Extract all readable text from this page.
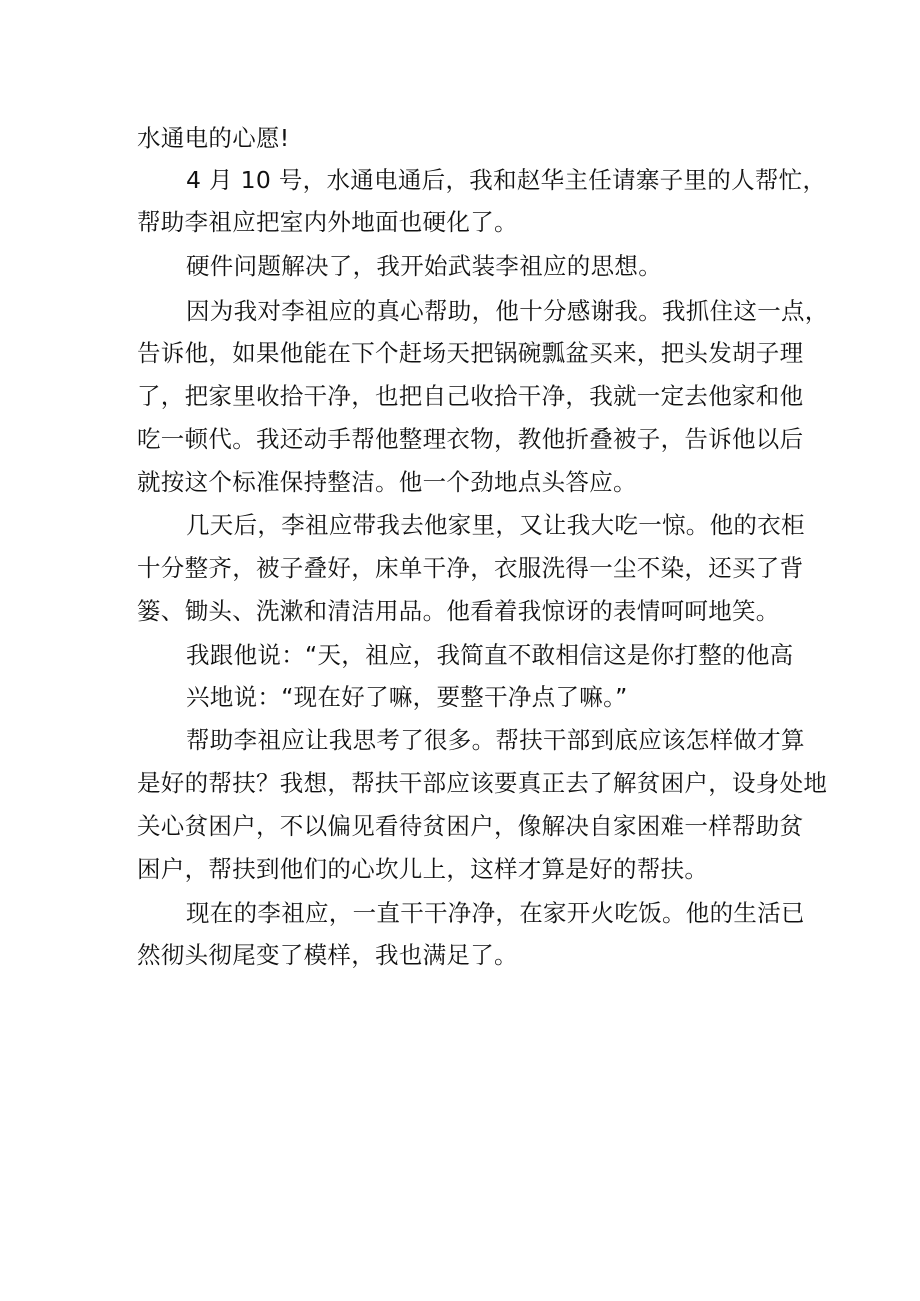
水通电的心愿!
4 月 10 号，水通电通后，我和赵华主任请寨子里的人帮忙，
帮助李祖应把室内外地面也硬化了。
硬件问题解决了，我开始武装李祖应的思想。
因为我对李祖应的真心帮助，他十分感谢我。我抓住这一点，
告诉他，如果他能在下个赶场天把锅碗瓢盆买来，把头发胡子理
了，把家里收拾干净，也把自己收拾干净，我就一定去他家和他
吃一顿代。我还动手帮他整理衣物，教他折叠被子，告诉他以后
就按这个标准保持整洁。他一个劲地点头答应。
几天后，李祖应带我去他家里，又让我大吃一惊。他的衣柜
十分整齐，被子叠好，床单干净，衣服洗得一尘不染，还买了背
篓、锄头、洗漱和清洁用品。他看着我惊讶的表情呵呵地笑。
我跟他说：“天，祖应，我简直不敢相信这是你打整的他高
兴地说：“现在好了嘛，要整干净点了嘛。”
帮助李祖应让我思考了很多。帮扶干部到底应该怎样做才算
是好的帮扶？我想，帮扶干部应该要真正去了解贫困户，设身处地
关心贫困户，不以偏见看待贫困户，像解决自家困难一样帮助贫
困户，帮扶到他们的心坎儿上，这样才算是好的帮扶。
现在的李祖应，一直干干净净，在家开火吃饭。他的生活已
然彻头彻尾变了模样，我也满足了。
